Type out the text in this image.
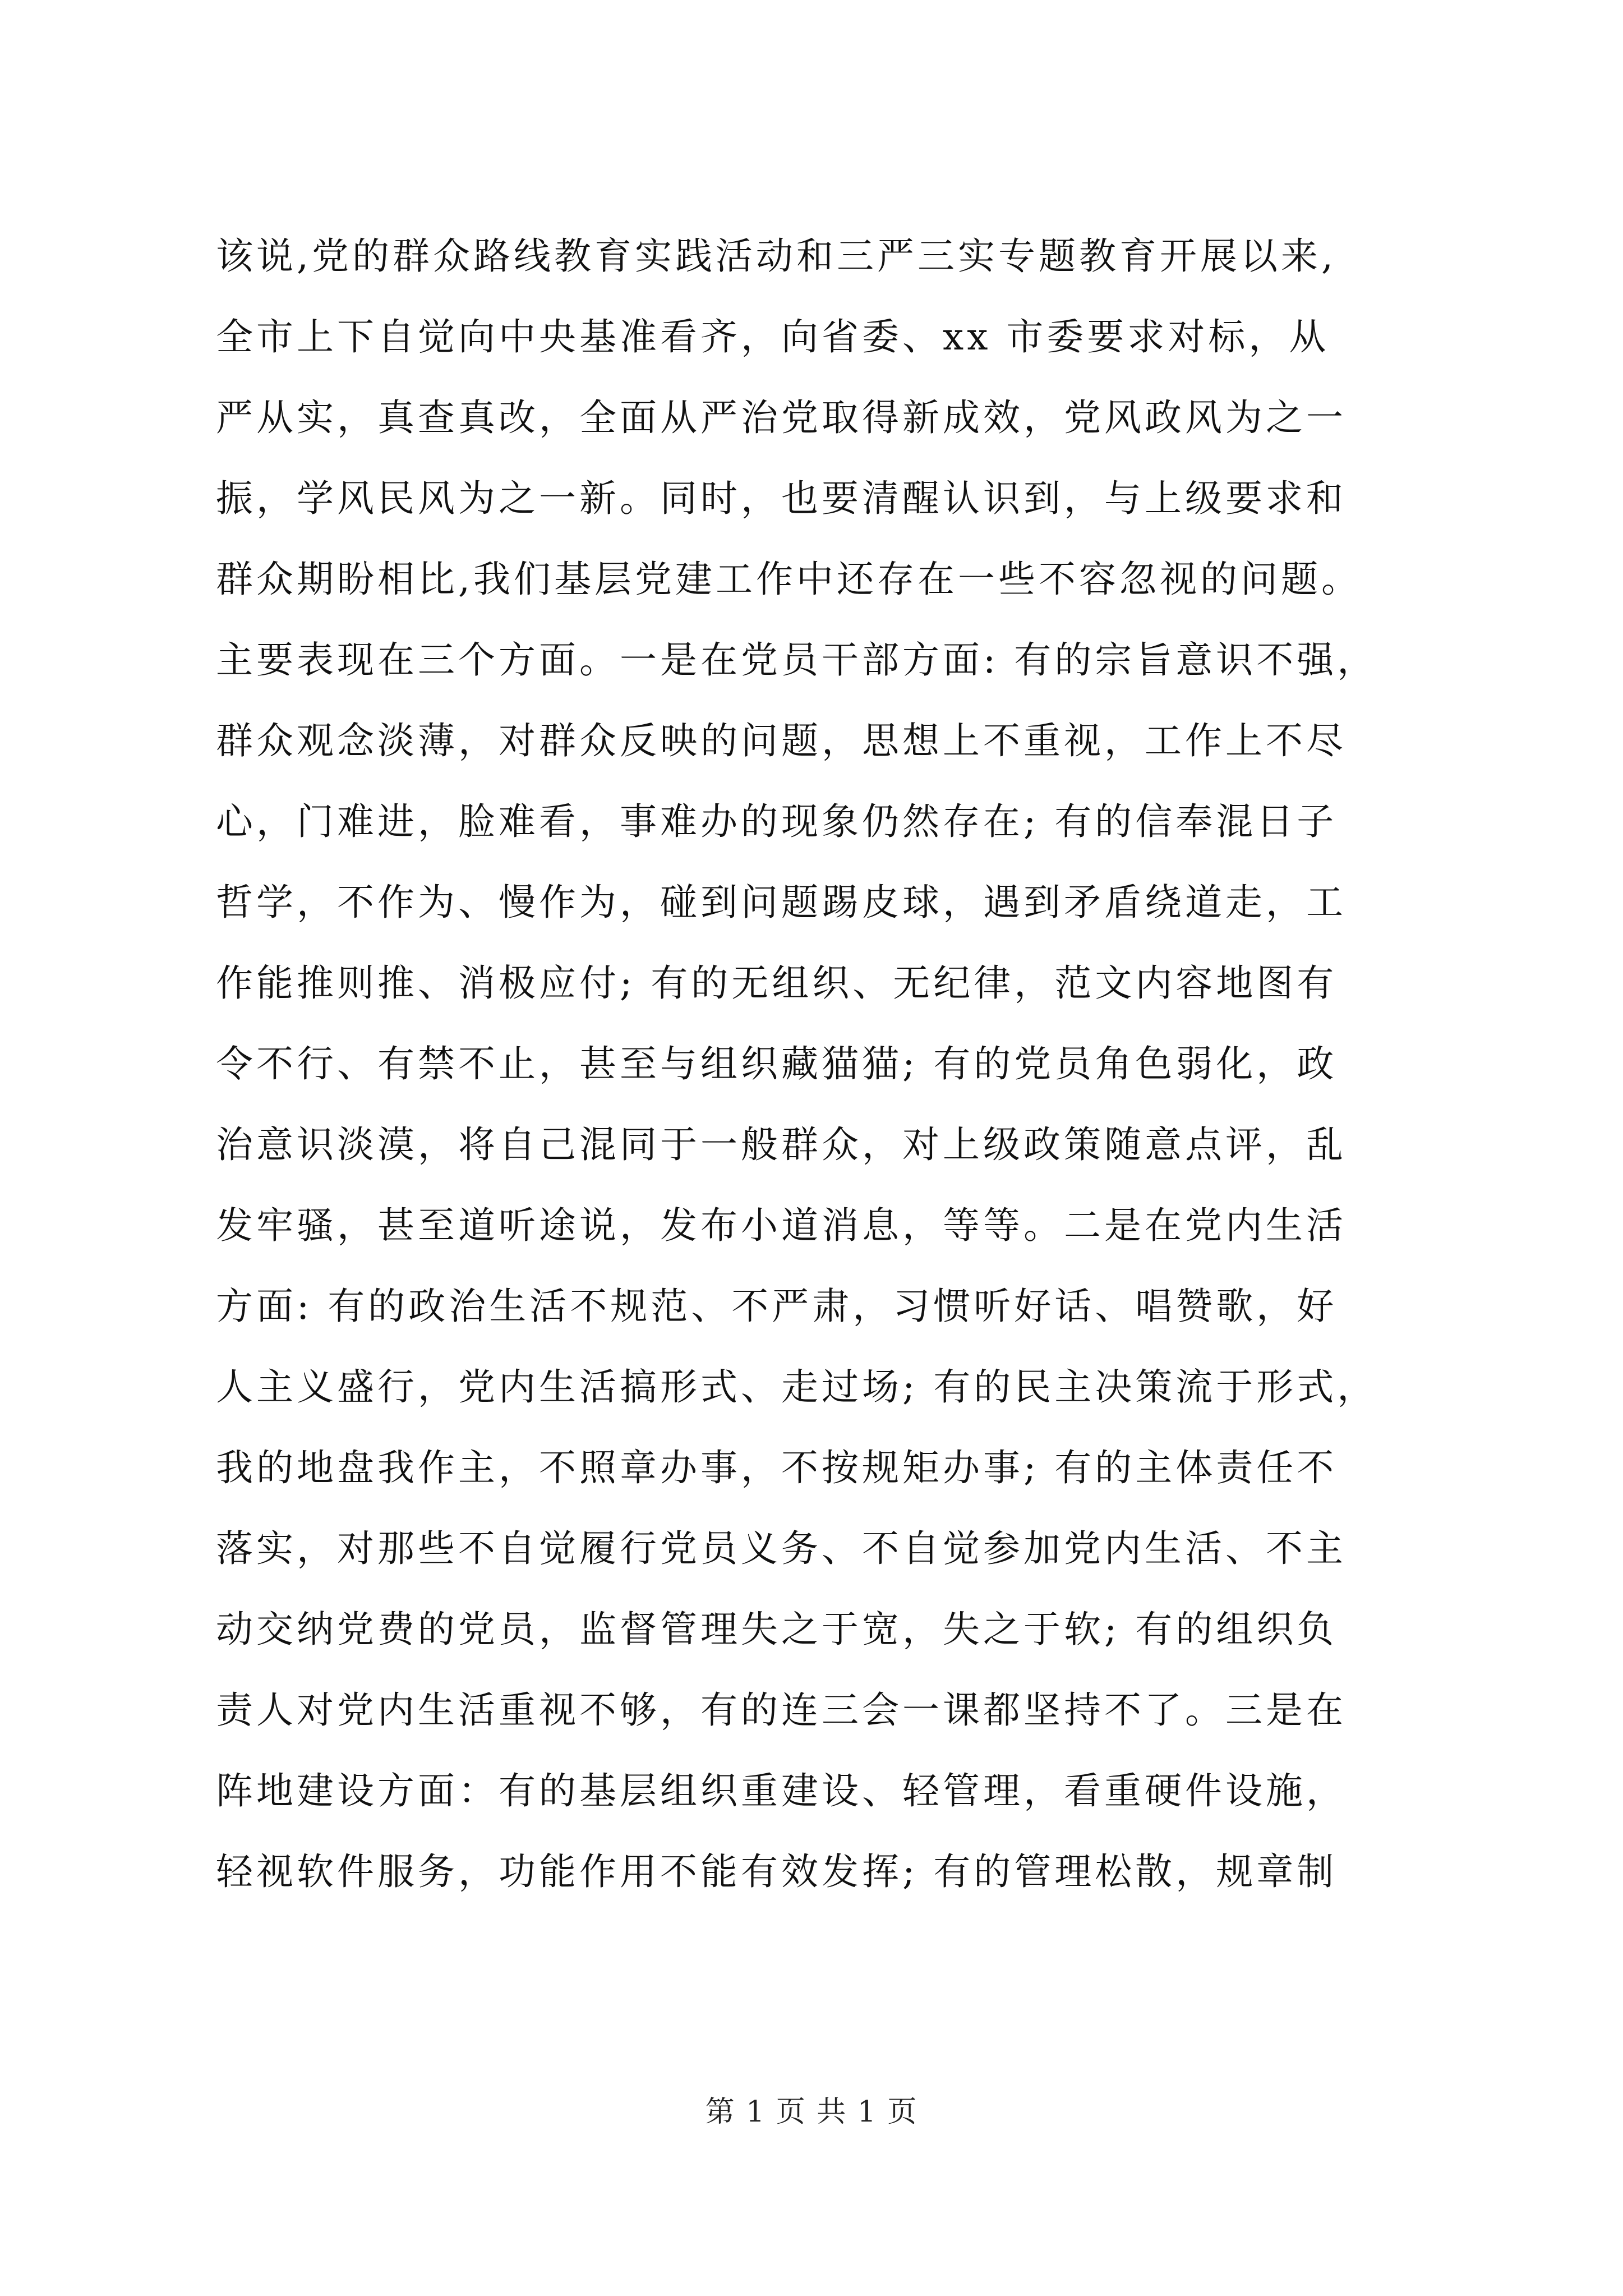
该说,党的群众路线教育实践活动和三严三实专题教育开展以来,
全市上下自觉向中央基准看齐，向省委、xx 市委要求对标，从
严从实，真查真改，全面从严治党取得新成效，党风政风为之一
振，学风民风为之一新。同时，也要清醒认识到，与上级要求和
群众期盼相比,我们基层党建工作中还存在一些不容忽视的问题。
主要表现在三个方面。一是在党员干部方面: 有的宗旨意识不强，
群众观念淡薄，对群众反映的问题，思想上不重视，工作上不尽
心，门难进，脸难看，事难办的现象仍然存在; 有的信奉混日子
哲学，不作为、慢作为，碰到问题踢皮球，遇到矛盾绕道走，工
作能推则推、消极应付; 有的无组织、无纪律，范文内容地图有
令不行、有禁不止，甚至与组织藏猫猫; 有的党员角色弱化，政
治意识淡漠，将自己混同于一般群众，对上级政策随意点评，乱
发牢骚，甚至道听途说，发布小道消息，等等。二是在党内生活
方面: 有的政治生活不规范、不严肃，习惯听好话、唱赞歌，好
人主义盛行，党内生活搞形式、走过场; 有的民主决策流于形式，
我的地盘我作主，不照章办事，不按规矩办事; 有的主体责任不
落实，对那些不自觉履行党员义务、不自觉参加党内生活、不主
动交纳党费的党员，监督管理失之于宽，失之于软; 有的组织负
责人对党内生活重视不够，有的连三会一课都坚持不了。三是在
阵地建设方面：有的基层组织重建设、轻管理，看重硬件设施，
轻视软件服务，功能作用不能有效发挥; 有的管理松散，规章制
第 1 页 共 1 页
